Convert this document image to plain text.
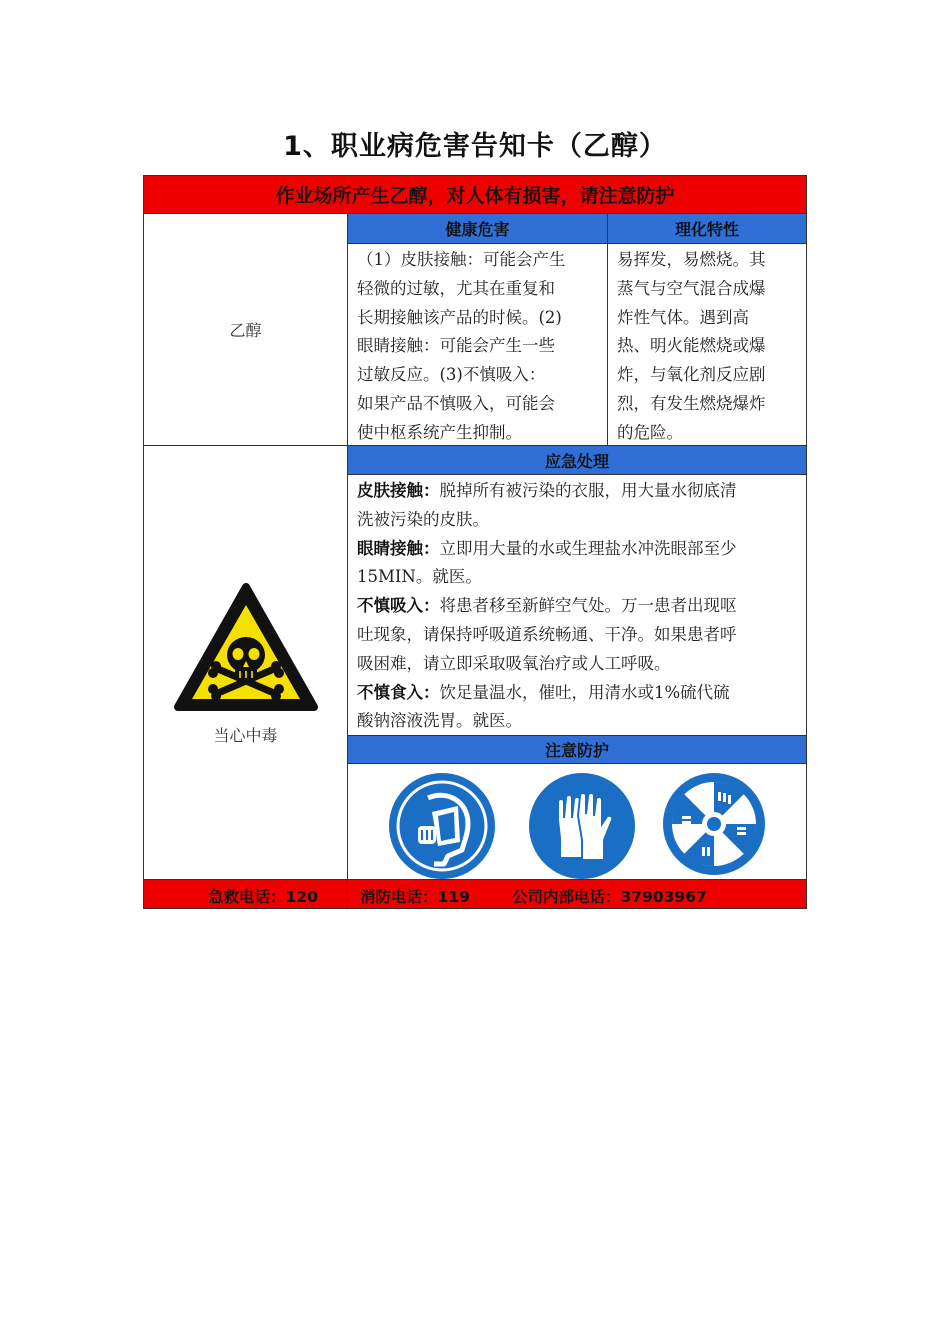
1、职业病危害告知卡（乙醇）
作业场所产生乙醇，对人体有损害，请注意防护
乙醇
健康危害
（1）皮肤接触：可能会产生
轻微的过敏，尤其在重复和
长期接触该产品的时候。(2)
眼睛接触：可能会产生一些
过敏反应。(3)不慎吸入：
如果产品不慎吸入，可能会
使中枢系统产生抑制。
理化特性
易挥发，易燃烧。其
蒸气与空气混合成爆
炸性气体。遇到高
热、明火能燃烧或爆
炸，与氧化剂反应剧
烈，有发生燃烧爆炸
的危险。
当心中毒
应急处理
皮肤接触：脱掉所有被污染的衣服，用大量水彻底清
洗被污染的皮肤。
眼睛接触：立即用大量的水或生理盐水冲洗眼部至少
15MIN。就医。
不慎吸入：将患者移至新鲜空气处。万一患者出现呕
吐现象，请保持呼吸道系统畅通、干净。如果患者呼
吸困难，请立即采取吸氧治疗或人工呼吸。
不慎食入：饮足量温水，催吐，用清水或1%硫代硫
酸钠溶液洗胃。就医。
注意防护
急救电话：120	消防电话：119	公司内部电话：37903967
